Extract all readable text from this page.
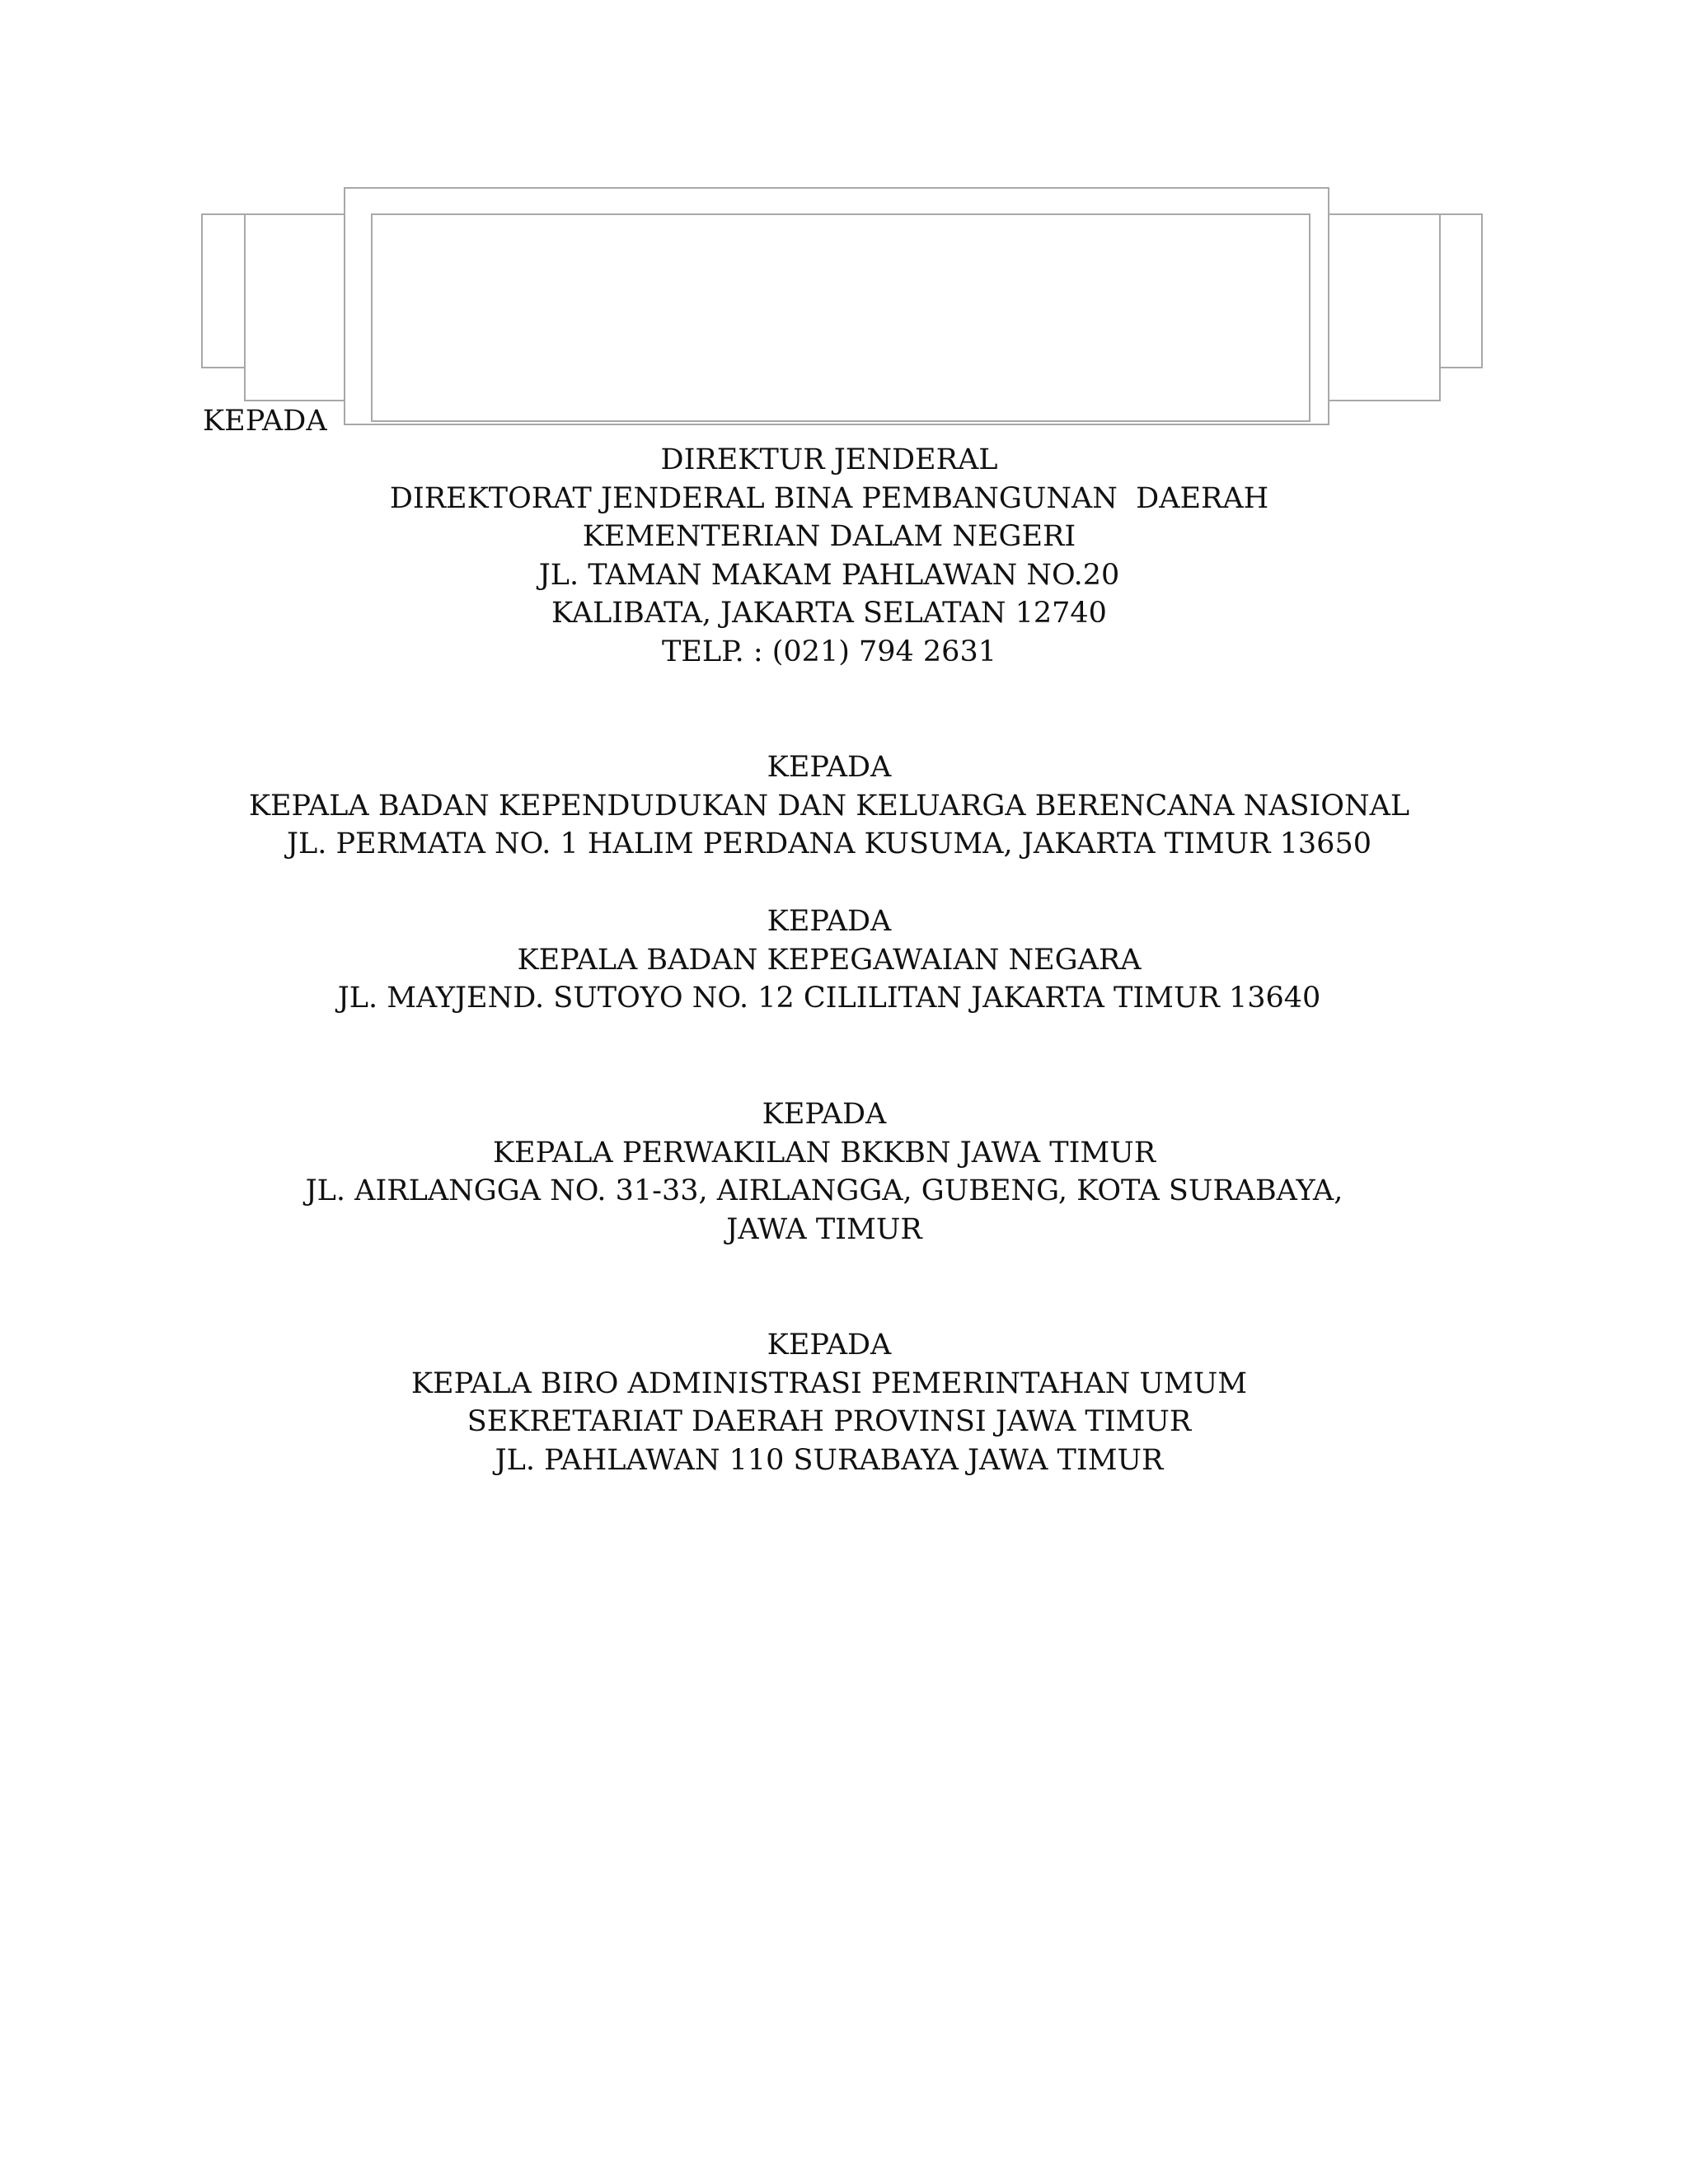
KEPADA
DIREKTUR JENDERAL
DIREKTORAT JENDERAL BINA PEMBANGUNAN  DAERAH
KEMENTERIAN DALAM NEGERI
JL. TAMAN MAKAM PAHLAWAN NO.20
KALIBATA, JAKARTA SELATAN 12740
TELP. : (021) 794 2631
KEPADA
KEPALA BADAN KEPENDUDUKAN DAN KELUARGA BERENCANA NASIONAL
JL. PERMATA NO. 1 HALIM PERDANA KUSUMA, JAKARTA TIMUR 13650
KEPADA
KEPALA BADAN KEPEGAWAIAN NEGARA
JL. MAYJEND. SUTOYO NO. 12 CILILITAN JAKARTA TIMUR 13640
KEPADA
KEPALA PERWAKILAN BKKBN JAWA TIMUR
JL. AIRLANGGA NO. 31-33, AIRLANGGA, GUBENG, KOTA SURABAYA,
JAWA TIMUR
KEPADA
KEPALA BIRO ADMINISTRASI PEMERINTAHAN UMUM
SEKRETARIAT DAERAH PROVINSI JAWA TIMUR
JL. PAHLAWAN 110 SURABAYA JAWA TIMUR
